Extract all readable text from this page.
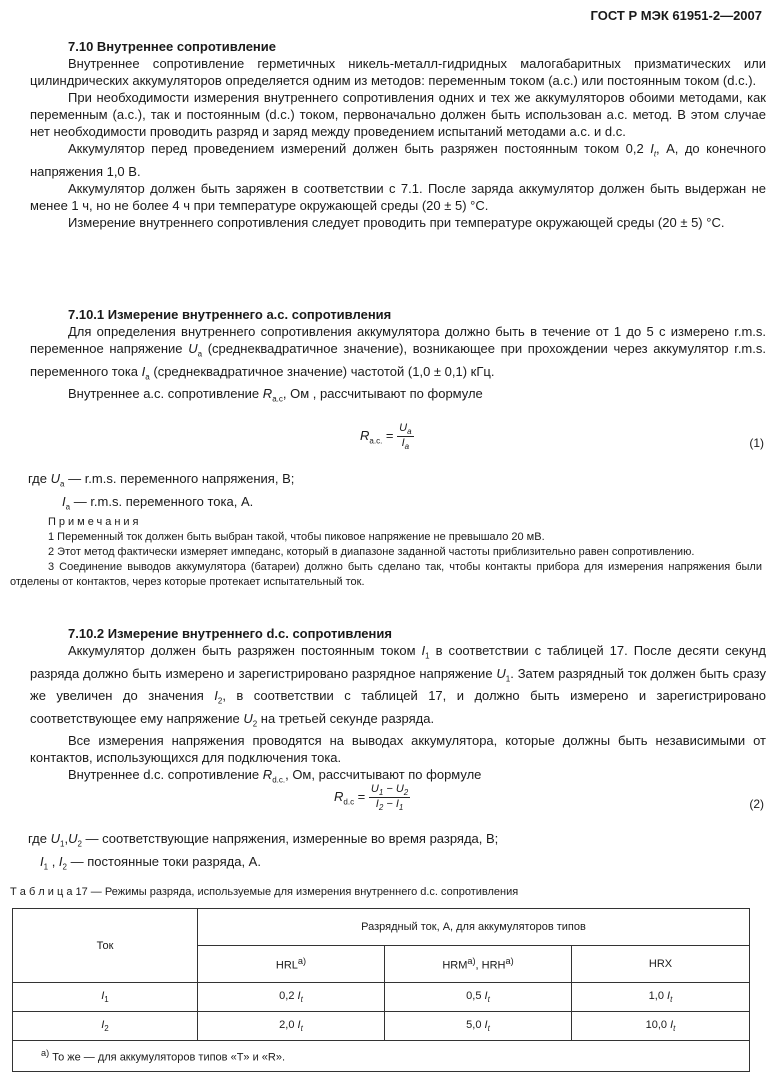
ГОСТ Р МЭК 61951-2—2007

7.10 Внутреннее сопротивление

Внутреннее сопротивление герметичных никель-металл-гидридных малогабаритных призматических или цилиндрических аккумуляторов определяется одним из методов: переменным током (a.c.) или постоянным током (d.c.).

При необходимости измерения внутреннего сопротивления одних и тех же аккумуляторов обоими методами, как переменным (a.c.), так и постоянным (d.c.) током, первоначально должен быть использован a.c. метод. В этом случае нет необходимости проводить разряд и заряд между проведением испытаний методами a.c. и d.c.

Аккумулятор перед проведением измерений должен быть разряжен постоянным током 0,2 $I_t$, А, до конечного напряжения 1,0 В.

Аккумулятор должен быть заряжен в соответствии с 7.1. После заряда аккумулятор должен быть выдержан не менее 1 ч, но не более 4 ч при температуре окружающей среды (20 ± 5) °С.

Измерение внутреннего сопротивления следует проводить при температуре окружающей среды (20 ± 5) °С.

7.10.1 Измерение внутреннего a.c. сопротивления

Для определения внутреннего сопротивления аккумулятора должно быть в течение от 1 до 5 с измерено r.m.s. переменное напряжение $U_a$ (среднеквадратичное значение), возникающее при прохождении через аккумулятор r.m.s. переменного тока $I_a$ (среднеквадратичное значение) частотой (1,0 ± 0,1) кГц.

Внутреннее a.c. сопротивление $R_{a.c}$, Ом , рассчитывают по формуле

$R_{a.c.} = \frac{U_a}{I_a}$	(1)

где $U_a$ — r.m.s. переменного напряжения, В;

$I_a$ — r.m.s. переменного тока, А.

Примечания

1 Переменный ток должен быть выбран такой, чтобы пиковое напряжение не превышало 20 мВ.

2 Этот метод фактически измеряет импеданс, который в диапазоне заданной частоты приблизительно равен сопротивлению.

3 Соединение выводов аккумулятора (батареи) должно быть сделано так, чтобы контакты прибора для измерения напряжения были отделены от контактов, через которые протекает испытательный ток.

7.10.2 Измерение внутреннего d.c. сопротивления

Аккумулятор должен быть разряжен постоянным током $I_1$ в соответствии с таблицей 17. После десяти секунд разряда должно быть измерено и зарегистрировано разрядное напряжение $U_1$. Затем разрядный ток должен быть сразу же увеличен до значения $I_2$, в соответствии с таблицей 17, и должно быть измерено и зарегистрировано соответствующее ему напряжение $U_2$ на третьей секунде разряда.

Все измерения напряжения проводятся на выводах аккумулятора, которые должны быть независимыми от контактов, использующихся для подключения тока.

Внутреннее d.c. сопротивление $R_{d.c.}$, Ом, рассчитывают по формуле

$R_{d.c} = \frac{U_1 - U_2}{I_2 - I_1}$	(2)

где $U_1,U_2$ — соответствующие напряжения, измеренные во время разряда, В;

$I_1$ , $I_2$ — постоянные токи разряда, А.

Т а б л и ц а 17 — Режимы разряда, используемые для измерения внутреннего d.c. сопротивления
Ток	Разрядный ток, А, для аккумуляторов типов		
	$HRL^{а)}$	$HRM^{а)}$, $HRH^{а)}$	HRX
$I_1$	0,2 $I_t$	0,5 $I_t$	1,0 $I_t$
$I_2$	2,0 $I_t$	5,0 $I_t$	10,0 $I_t$
$^{а)}$ То же — для аккумуляторов типов «T» и «R».			
